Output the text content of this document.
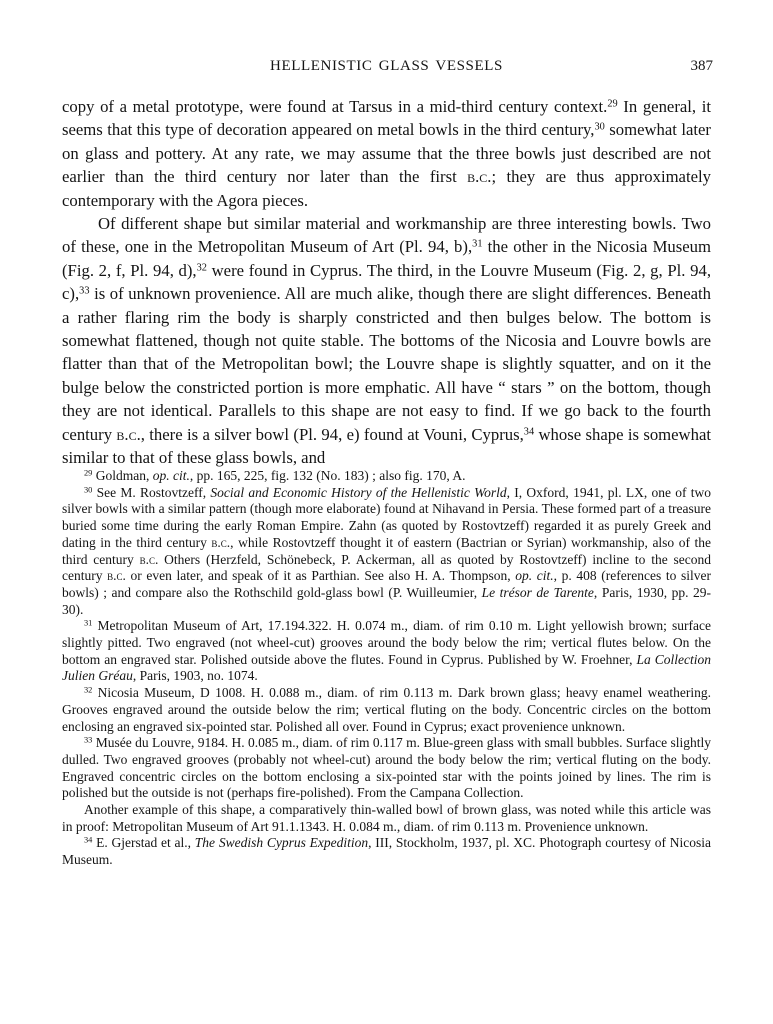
HELLENISTIC GLASS VESSELS	387

copy of a metal prototype, were found at Tarsus in a mid-third century context.$^{29}$ In general, it seems that this type of decoration appeared on metal bowls in the third century,$^{30}$ somewhat later on glass and pottery. At any rate, we may assume that the three bowls just described are not earlier than the third century nor later than the first b.c.; they are thus approximately contemporary with the Agora pieces.

Of different shape but similar material and workmanship are three interesting bowls. Two of these, one in the Metropolitan Museum of Art (Pl. 94, b),$^{31}$ the other in the Nicosia Museum (Fig. 2, f, Pl. 94, d),$^{32}$ were found in Cyprus. The third, in the Louvre Museum (Fig. 2, g, Pl. 94, c),$^{33}$ is of unknown provenience. All are much alike, though there are slight differences. Beneath a rather flaring rim the body is sharply constricted and then bulges below. The bottom is somewhat flattened, though not quite stable. The bottoms of the Nicosia and Louvre bowls are flatter than that of the Metropolitan bowl; the Louvre shape is slightly squatter, and on it the bulge below the constricted portion is more emphatic. All have “ stars ” on the bottom, though they are not identical. Parallels to this shape are not easy to find. If we go back to the fourth century b.c., there is a silver bowl (Pl. 94, e) found at Vouni, Cyprus,$^{34}$ whose shape is somewhat similar to that of these glass bowls, and

$^{29}$ Goldman, op. cit., pp. 165, 225, fig. 132 (No. 183) ; also fig. 170, A.

$^{30}$ See M. Rostovtzeff, Social and Economic History of the Hellenistic World, I, Oxford, 1941, pl. LX, one of two silver bowls with a similar pattern (though more elaborate) found at Nihavand in Persia. These formed part of a treasure buried some time during the early Roman Empire. Zahn (as quoted by Rostovtzeff) regarded it as purely Greek and dating in the third century b.c., while Rostovtzeff thought it of eastern (Bactrian or Syrian) workmanship, also of the third century b.c. Others (Herzfeld, Schönebeck, P. Ackerman, all as quoted by Rostovtzeff) incline to the second century b.c. or even later, and speak of it as Parthian. See also H. A. Thompson, op. cit., p. 408 (references to silver bowls) ; and compare also the Rothschild gold-glass bowl (P. Wuilleumier, Le trésor de Tarente, Paris, 1930, pp. 29-30).

$^{31}$ Metropolitan Museum of Art, 17.194.322. H. 0.074 m., diam. of rim 0.10 m. Light yellowish brown; surface slightly pitted. Two engraved (not wheel-cut) grooves around the body below the rim; vertical flutes below. On the bottom an engraved star. Polished outside above the flutes. Found in Cyprus. Published by W. Froehner, La Collection Julien Gréau, Paris, 1903, no. 1074.

$^{32}$ Nicosia Museum, D 1008. H. 0.088 m., diam. of rim 0.113 m. Dark brown glass; heavy enamel weathering. Grooves engraved around the outside below the rim; vertical fluting on the body. Concentric circles on the bottom enclosing an engraved six-pointed star. Polished all over. Found in Cyprus; exact provenience unknown.

$^{33}$ Musée du Louvre, 9184. H. 0.085 m., diam. of rim 0.117 m. Blue-green glass with small bubbles. Surface slightly dulled. Two engraved grooves (probably not wheel-cut) around the body below the rim; vertical fluting on the body. Engraved concentric circles on the bottom enclosing a six-pointed star with the points joined by lines. The rim is polished but the outside is not (perhaps fire-polished). From the Campana Collection.

Another example of this shape, a comparatively thin-walled bowl of brown glass, was noted while this article was in proof: Metropolitan Museum of Art 91.1.1343. H. 0.084 m., diam. of rim 0.113 m. Provenience unknown.

$^{34}$ E. Gjerstad et al., The Swedish Cyprus Expedition, III, Stockholm, 1937, pl. XC. Photograph courtesy of Nicosia Museum.
